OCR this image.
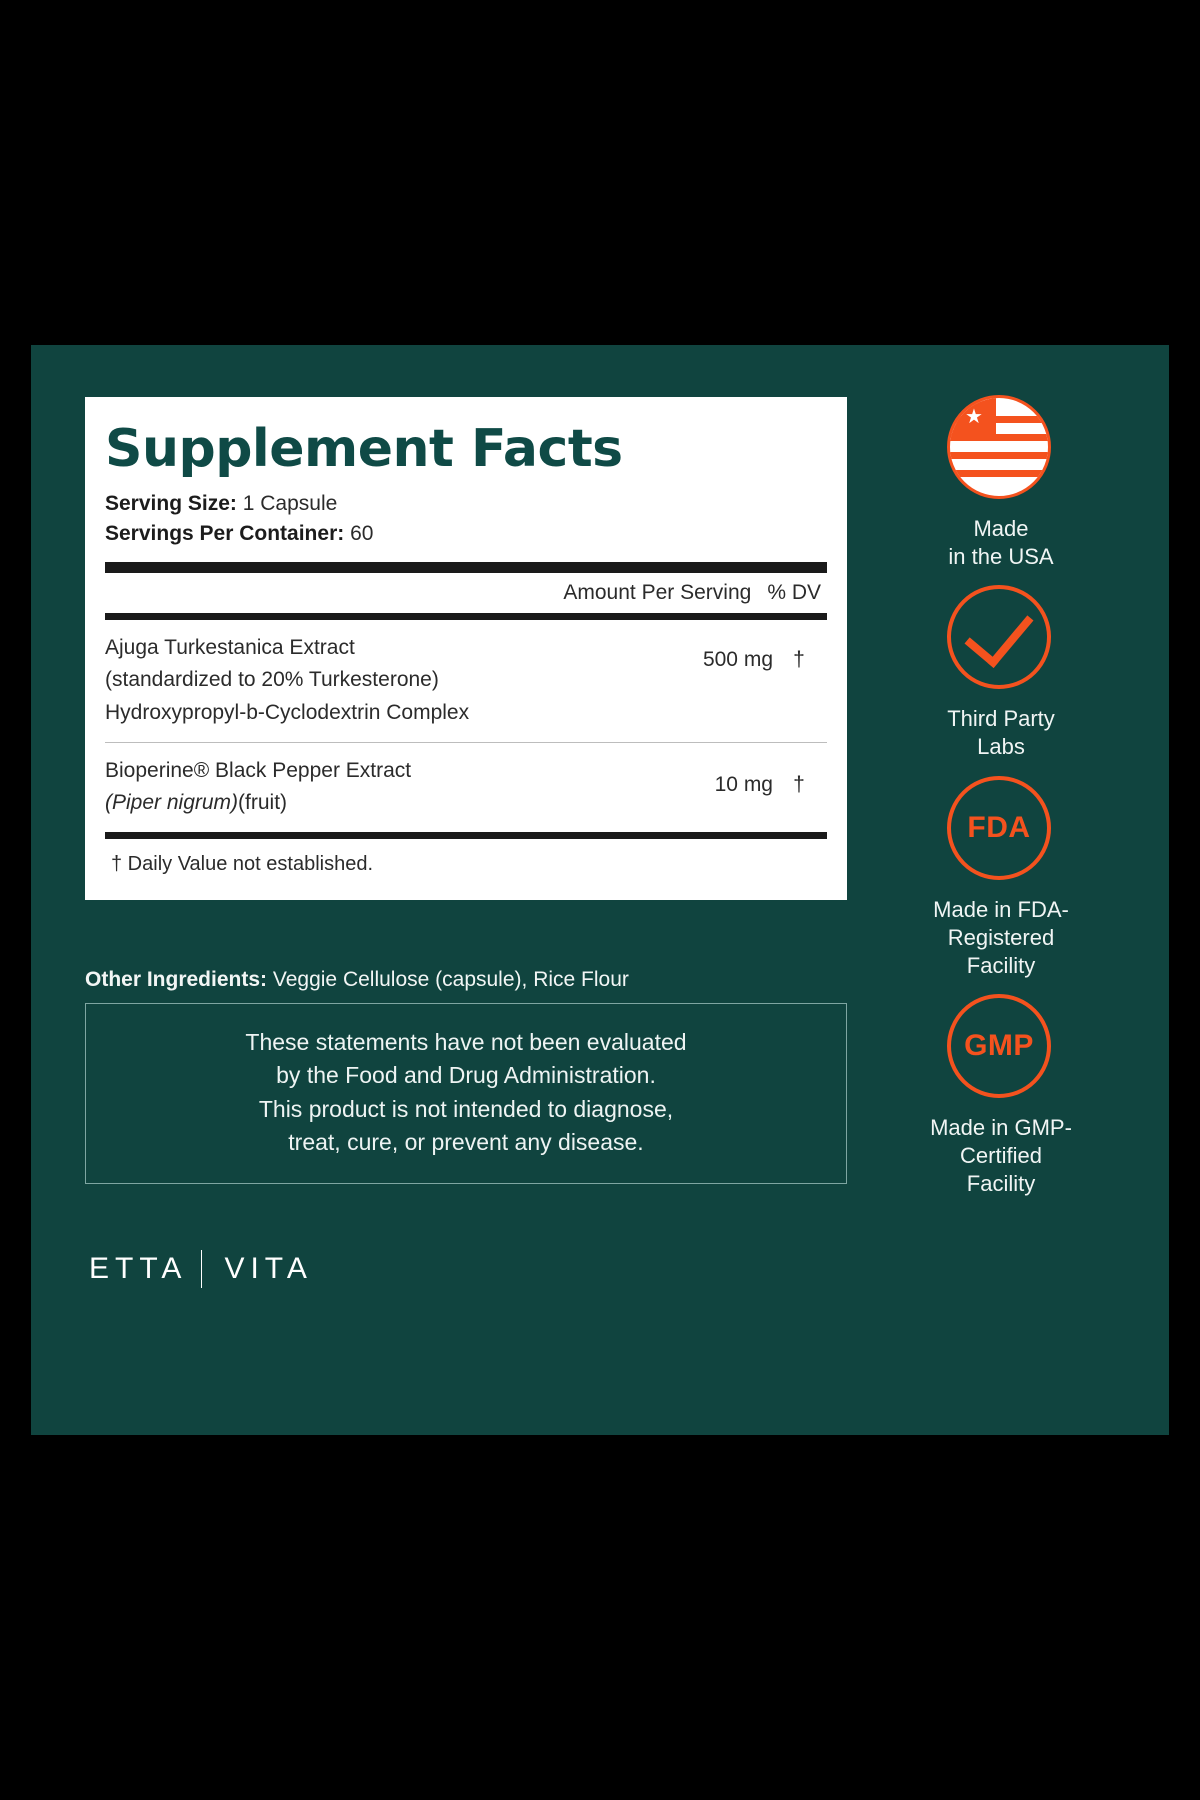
Supplement Facts
Serving Size: 1 Capsule
Servings Per Container: 60
Amount Per Serving % DV
Ajuga Turkestanica Extract
(standardized to 20% Turkesterone)
Hydroxypropyl-b-Cyclodextrin Complex
500 mg †
Bioperine® Black Pepper Extract
(Piper nigrum)(fruit)
10 mg †
† Daily Value not established.
Other Ingredients: Veggie Cellulose (capsule), Rice Flour
These statements have not been evaluated
by the Food and Drug Administration.
This product is not intended to diagnose,
treat, cure, or prevent any disease.
ETTA VITA
★
Made
in the USA
Third Party
Labs
FDA
Made in FDA-
Registered
Facility
GMP
Made in GMP-
Certified
Facility
